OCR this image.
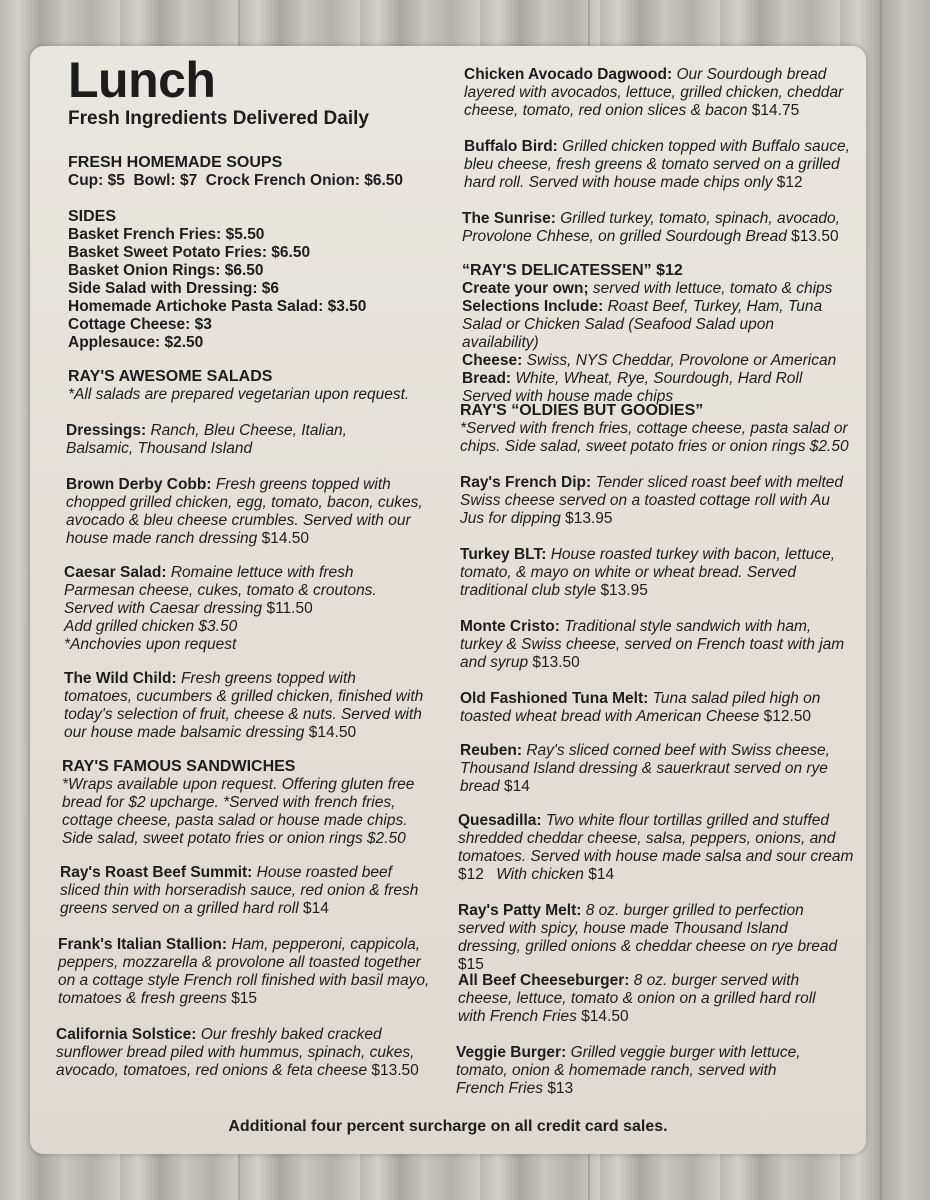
Lunch
Fresh Ingredients Delivered Daily
FRESH HOMEMADE SOUPS
Cup: $5  Bowl: $7  Crock French Onion: $6.50
SIDES
Basket French Fries: $5.50
Basket Sweet Potato Fries: $6.50
Basket Onion Rings: $6.50
Side Salad with Dressing: $6
Homemade Artichoke Pasta Salad: $3.50
Cottage Cheese: $3
Applesauce: $2.50
RAY'S AWESOME SALADS
*All salads are prepared vegetarian upon request.
Dressings: Ranch, Bleu Cheese, Italian, Balsamic, Thousand Island
Brown Derby Cobb: Fresh greens topped with chopped grilled chicken, egg, tomato, bacon, cukes, avocado & bleu cheese crumbles. Served with our house made ranch dressing $14.50
Caesar Salad: Romaine lettuce with fresh Parmesan cheese, cukes, tomato & croutons. Served with Caesar dressing $11.50
Add grilled chicken $3.50
*Anchovies upon request
The Wild Child: Fresh greens topped with tomatoes, cucumbers & grilled chicken, finished with today's selection of fruit, cheese & nuts. Served with our house made balsamic dressing $14.50
RAY'S FAMOUS SANDWICHES
*Wraps available upon request. Offering gluten free bread for $2 upcharge. *Served with french fries, cottage cheese, pasta salad or house made chips. Side salad, sweet potato fries or onion rings $2.50
Ray's Roast Beef Summit: House roasted beef sliced thin with horseradish sauce, red onion & fresh greens served on a grilled hard roll $14
Frank's Italian Stallion: Ham, pepperoni, cappicola, peppers, mozzarella & provolone all toasted together on a cottage style French roll finished with basil mayo, tomatoes & fresh greens $15
California Solstice: Our freshly baked cracked sunflower bread piled with hummus, spinach, cukes, avocado, tomatoes, red onions & feta cheese $13.50
Chicken Avocado Dagwood: Our Sourdough bread layered with avocados, lettuce, grilled chicken, cheddar cheese, tomato, red onion slices & bacon $14.75
Buffalo Bird: Grilled chicken topped with Buffalo sauce, bleu cheese, fresh greens & tomato served on a grilled hard roll. Served with house made chips only $12
The Sunrise: Grilled turkey, tomato, spinach, avocado, Provolone Chhese, on grilled Sourdough Bread $13.50
“RAY'S DELICATESSEN” $12
Create your own; served with lettuce, tomato & chips
Selections Include: Roast Beef, Turkey, Ham, Tuna Salad or Chicken Salad (Seafood Salad upon availability)
Cheese: Swiss, NYS Cheddar, Provolone or American
Bread: White, Wheat, Rye, Sourdough, Hard Roll
Served with house made chips
RAY'S “OLDIES BUT GOODIES”
*Served with french fries, cottage cheese, pasta salad or chips. Side salad, sweet potato fries or onion rings $2.50
Ray's French Dip: Tender sliced roast beef with melted Swiss cheese served on a toasted cottage roll with Au Jus for dipping $13.95
Turkey BLT: House roasted turkey with bacon, lettuce, tomato, & mayo on white or wheat bread. Served traditional club style $13.95
Monte Cristo: Traditional style sandwich with ham, turkey & Swiss cheese, served on French toast with jam and syrup $13.50
Old Fashioned Tuna Melt: Tuna salad piled high on toasted wheat bread with American Cheese $12.50
Reuben: Ray's sliced corned beef with Swiss cheese, Thousand Island dressing & sauerkraut served on rye bread $14
Quesadilla: Two white flour tortillas grilled and stuffed shredded cheddar cheese, salsa, peppers, onions, and tomatoes. Served with house made salsa and sour cream $12 With chicken $14
Ray's Patty Melt: 8 oz. burger grilled to perfection served with spicy, house made Thousand Island dressing, grilled onions & cheddar cheese on rye bread $15
All Beef Cheeseburger: 8 oz. burger served with cheese, lettuce, tomato & onion on a grilled hard roll with French Fries $14.50
Veggie Burger: Grilled veggie burger with lettuce, tomato, onion & homemade ranch, served with French Fries $13
Additional four percent surcharge on all credit card sales.
